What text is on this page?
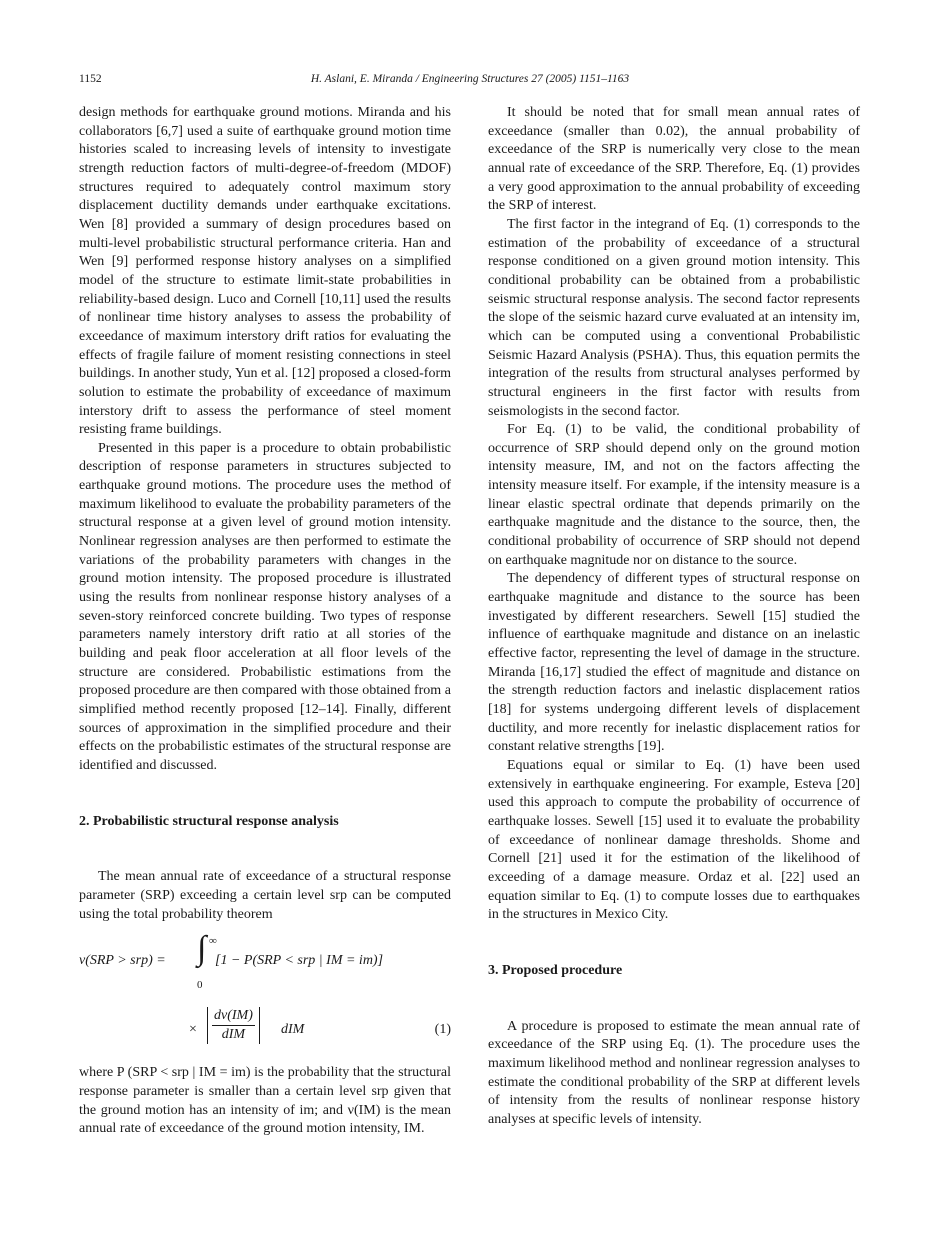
1152	H. Aslani, E. Miranda / Engineering Structures 27 (2005) 1151–1163

design methods for earthquake ground motions. Miranda and his collaborators [6,7] used a suite of earthquake ground motion time histories scaled to increasing levels of intensity to investigate strength reduction factors of multi-degree-of-freedom (MDOF) structures required to adequately control maximum story displacement ductility demands under earthquake excitations. Wen [8] provided a summary of design procedures based on multi-level probabilistic structural performance criteria. Han and Wen [9] performed response history analyses on a simplified model of the structure to estimate limit-state probabilities in reliability-based design. Luco and Cornell [10,11] used the results of nonlinear time history analyses to assess the probability of exceedance of maximum interstory drift ratios for evaluating the effects of fragile failure of moment resisting connections in steel buildings. In another study, Yun et al. [12] proposed a closed-form solution to estimate the probability of exceedance of maximum interstory drift to assess the performance of steel moment resisting frame buildings.

Presented in this paper is a procedure to obtain probabilistic description of response parameters in structures subjected to earthquake ground motions. The procedure uses the method of maximum likelihood to evaluate the probability parameters of the structural response at a given level of ground motion intensity. Nonlinear regression analyses are then performed to estimate the variations of the probability parameters with changes in the ground motion intensity. The proposed procedure is illustrated using the results from nonlinear response history analyses of a seven-story reinforced concrete building. Two types of response parameters namely interstory drift ratio at all stories of the building and peak floor acceleration at all floor levels of the structure are considered. Probabilistic estimations from the proposed procedure are then compared with those obtained from a simplified method recently proposed [12–14]. Finally, different sources of approximation in the simplified procedure and their effects on the probabilistic estimates of the structural response are identified and discussed.

2. Probabilistic structural response analysis

The mean annual rate of exceedance of a structural response parameter (SRP) exceeding a certain level srp can be computed using the total probability theorem

ν(SRP > srp) = ∫ ∞
0
[1 − P(SRP < srp | IM = im)]
×
dν(IM)
dIM	dIM	(1)

where P (SRP < srp | IM = im) is the probability that the structural response parameter is smaller than a certain level srp given that the ground motion has an intensity of im; and ν(IM) is the mean annual rate of exceedance of the ground motion intensity, IM.

It should be noted that for small mean annual rates of exceedance (smaller than 0.02), the annual probability of exceedance of the SRP is numerically very close to the mean annual rate of exceedance of the SRP. Therefore, Eq. (1) provides a very good approximation to the annual probability of exceeding the SRP of interest.

The first factor in the integrand of Eq. (1) corresponds to the estimation of the probability of exceedance of a structural response conditioned on a given ground motion intensity. This conditional probability can be obtained from a probabilistic seismic structural response analysis. The second factor represents the slope of the seismic hazard curve evaluated at an intensity im, which can be computed using a conventional Probabilistic Seismic Hazard Analysis (PSHA). Thus, this equation permits the integration of the results from structural analyses performed by structural engineers in the first factor with results from seismologists in the second factor.

For Eq. (1) to be valid, the conditional probability of occurrence of SRP should depend only on the ground motion intensity measure, IM, and not on the factors affecting the intensity measure itself. For example, if the intensity measure is a linear elastic spectral ordinate that depends primarily on the earthquake magnitude and the distance to the source, then, the conditional probability of occurrence of SRP should not depend on earthquake magnitude nor on distance to the source.

The dependency of different types of structural response on earthquake magnitude and distance to the source has been investigated by different researchers. Sewell [15] studied the influence of earthquake magnitude and distance on an inelastic effective factor, representing the level of damage in the structure. Miranda [16,17] studied the effect of magnitude and distance on the strength reduction factors and inelastic displacement ratios [18] for systems undergoing different levels of displacement ductility, and more recently for inelastic displacement ratios for constant relative strengths [19].

Equations equal or similar to Eq. (1) have been used extensively in earthquake engineering. For example, Esteva [20] used this approach to compute the probability of occurrence of earthquake losses. Sewell [15] used it to evaluate the probability of exceedance of nonlinear damage thresholds. Shome and Cornell [21] used it for the estimation of the likelihood of exceeding of a damage measure. Ordaz et al. [22] used an equation similar to Eq. (1) to compute losses due to earthquakes in the structures in Mexico City.

3. Proposed procedure

A procedure is proposed to estimate the mean annual rate of exceedance of the SRP using Eq. (1). The procedure uses the maximum likelihood method and nonlinear regression analyses to estimate the conditional probability of the SRP at different levels of intensity from the results of nonlinear response history analyses at specific levels of intensity.
